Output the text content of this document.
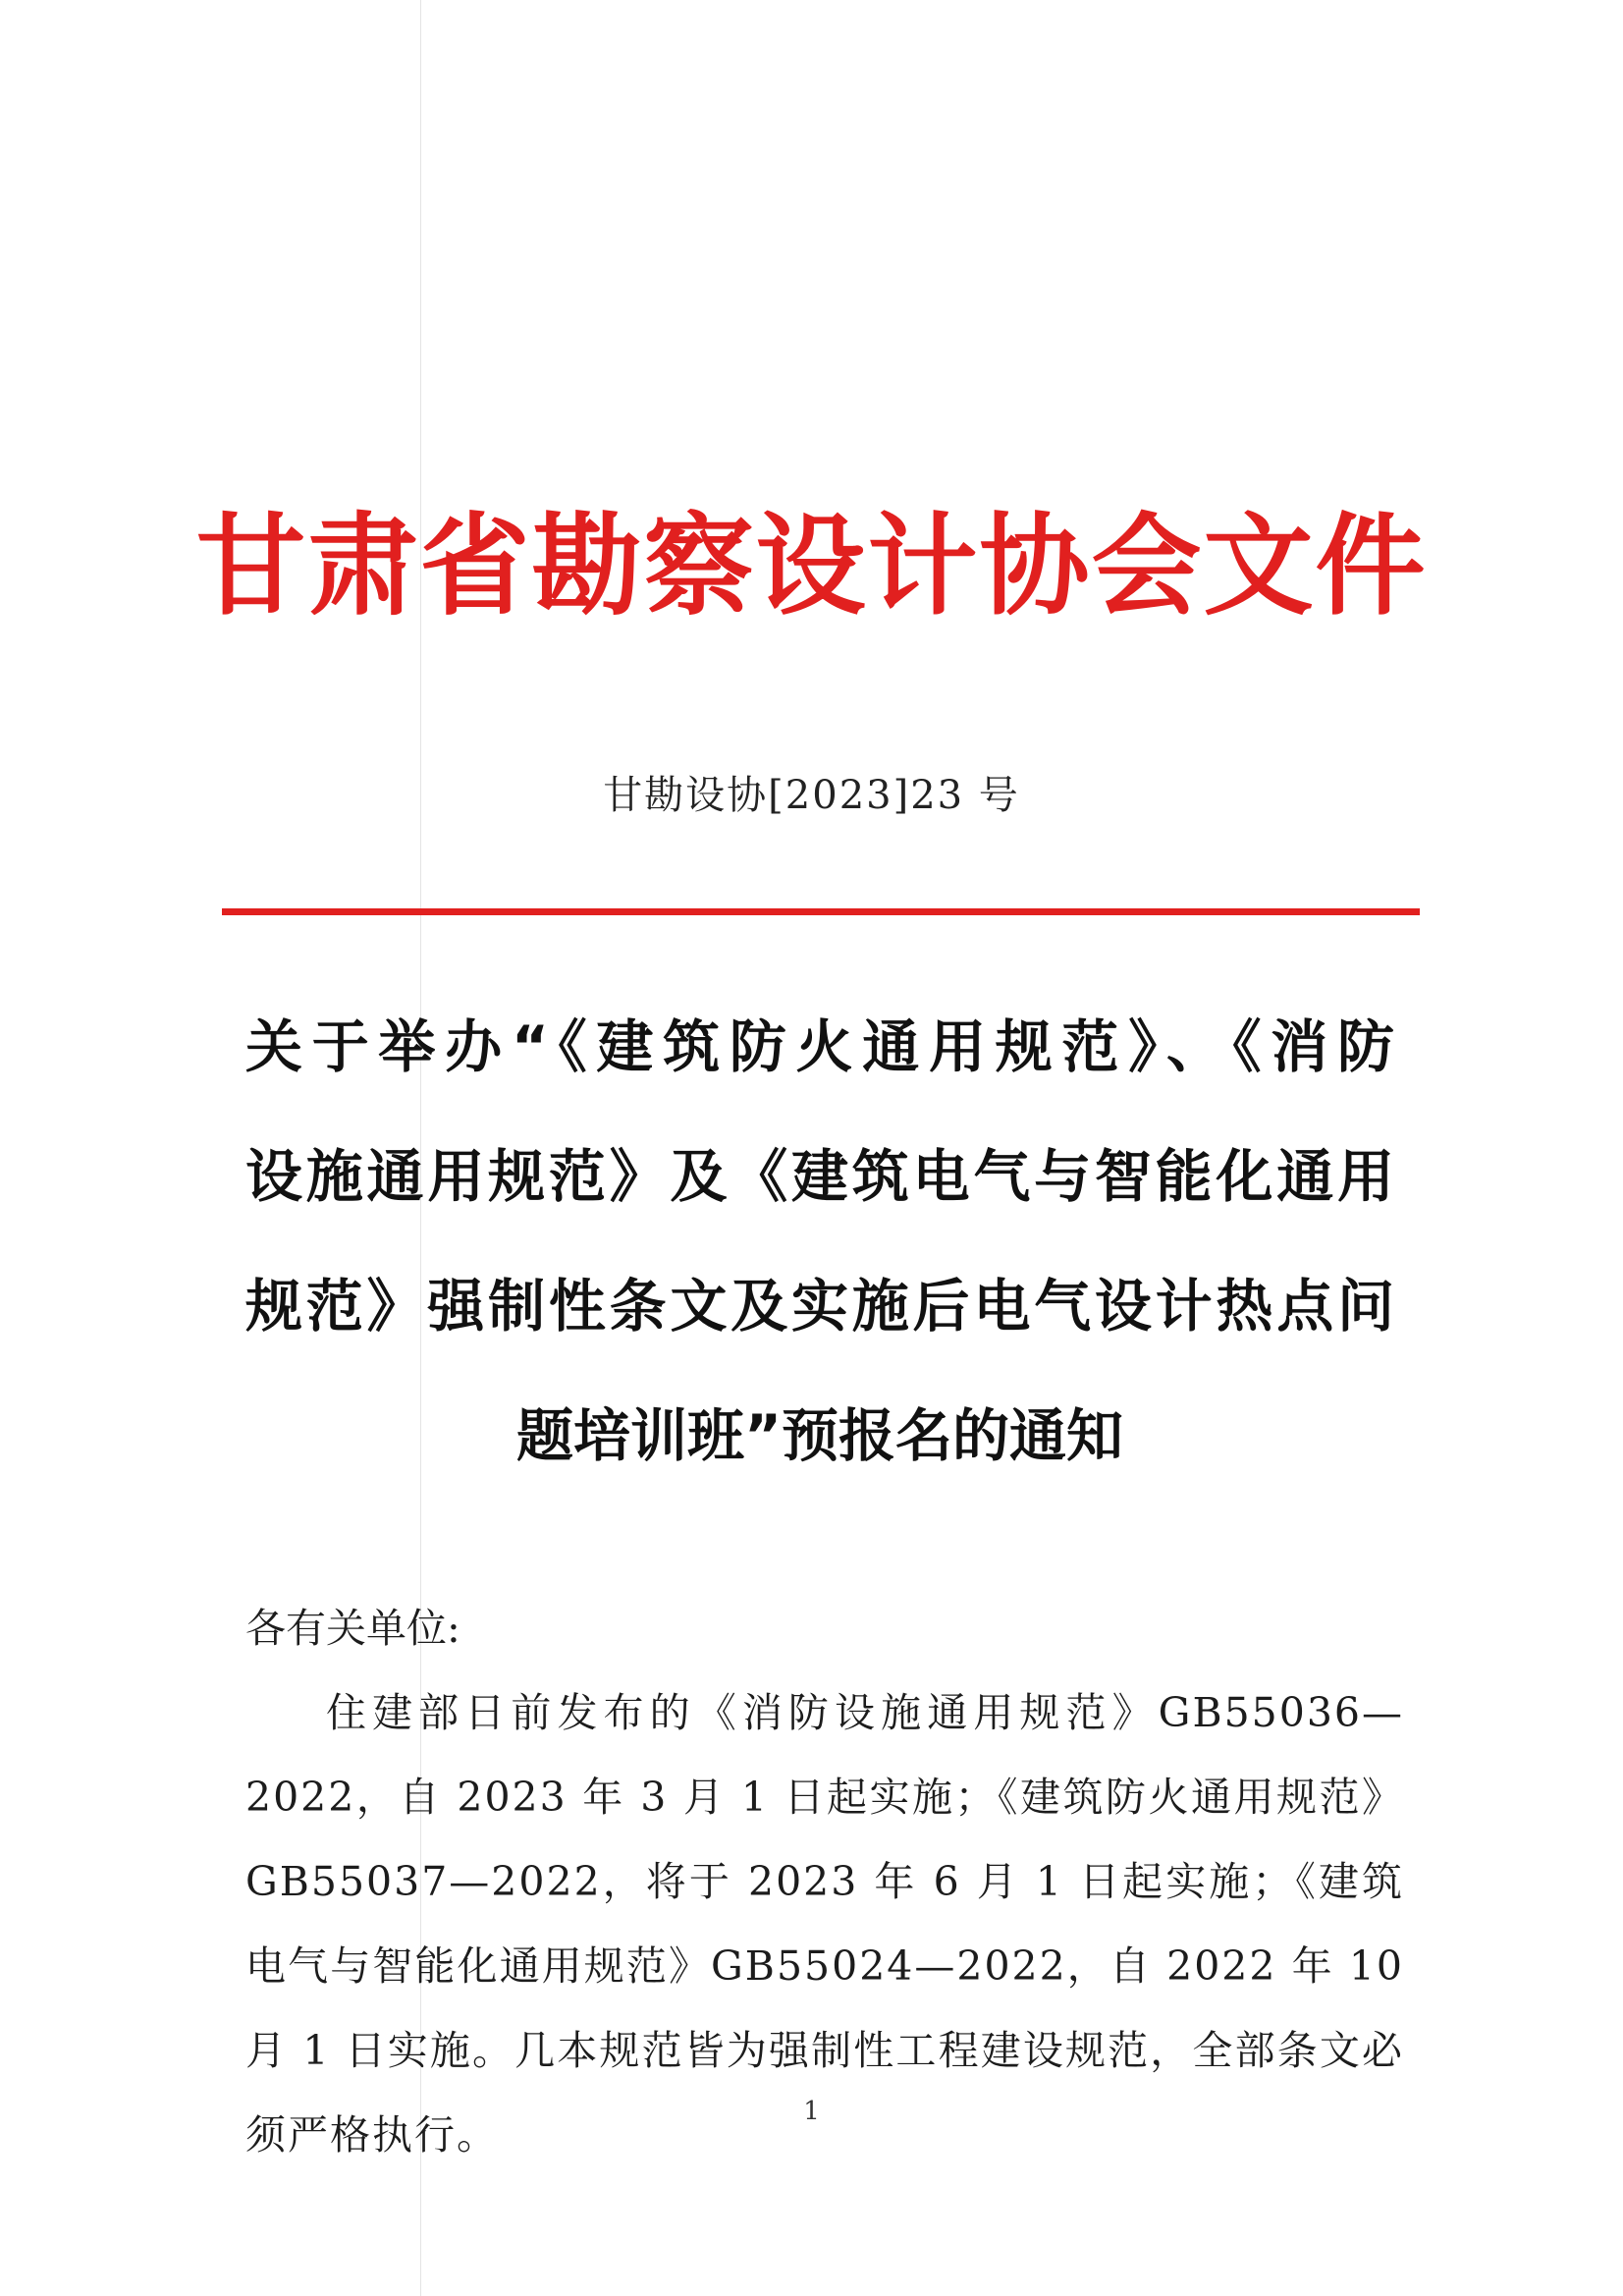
甘肃省勘察设计协会文件
甘勘设协[2023]23 号
关于举办“《建筑防火通用规范》、《消防
设施通用规范》及《建筑电气与智能化通用
规范》强制性条文及实施后电气设计热点问
题培训班”预报名的通知
各有关单位:
住建部日前发布的《消防设施通用规范》GB55036—2022，自 2023 年 3 月 1 日起实施；《建筑防火通用规范》GB55037—2022，将于 2023 年 6 月 1 日起实施；《建筑电气与智能化通用规范》GB55024—2022，自 2022 年 10 月 1 日实施。几本规范皆为强制性工程建设规范，全部条文必须严格执行。	1
